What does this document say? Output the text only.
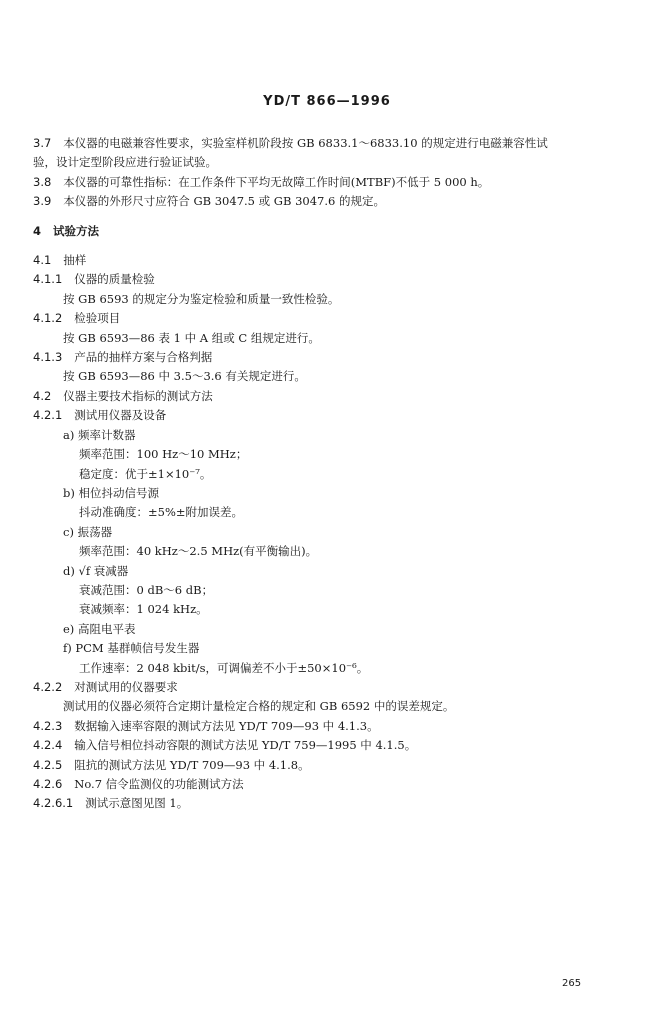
YD/T 866—1996
3.7 本仪器的电磁兼容性要求，实验室样机阶段按 GB 6833.1～6833.10 的规定进行电磁兼容性试
验，设计定型阶段应进行验证试验。
3.8 本仪器的可靠性指标：在工作条件下平均无故障工作时间(MTBF)不低于 5 000 h。
3.9 本仪器的外形尺寸应符合 GB 3047.5 或 GB 3047.6 的规定。
4 试验方法
4.1 抽样
4.1.1 仪器的质量检验
按 GB 6593 的规定分为鉴定检验和质量一致性检验。
4.1.2 检验项目
按 GB 6593—86 表 1 中 A 组或 C 组规定进行。
4.1.3 产品的抽样方案与合格判据
按 GB 6593—86 中 3.5～3.6 有关规定进行。
4.2 仪器主要技术指标的测试方法
4.2.1 测试用仪器及设备
a) 频率计数器
频率范围：100 Hz～10 MHz；
稳定度：优于±1×10⁻⁷。
b) 相位抖动信号源
抖动准确度：±5%±附加误差。
c) 振荡器
频率范围：40 kHz～2.5 MHz(有平衡输出)。
d) √f 衰减器
衰减范围：0 dB～6 dB；
衰减频率：1 024 kHz。
e) 高阻电平表
f) PCM 基群帧信号发生器
工作速率：2 048 kbit/s，可调偏差不小于±50×10⁻⁶。
4.2.2 对测试用的仪器要求
测试用的仪器必须符合定期计量检定合格的规定和 GB 6592 中的误差规定。
4.2.3 数据输入速率容限的测试方法见 YD/T 709—93 中 4.1.3。
4.2.4 输入信号相位抖动容限的测试方法见 YD/T 759—1995 中 4.1.5。
4.2.5 阻抗的测试方法见 YD/T 709—93 中 4.1.8。
4.2.6 No.7 信令监测仪的功能测试方法
4.2.6.1 测试示意图见图 1。
265
